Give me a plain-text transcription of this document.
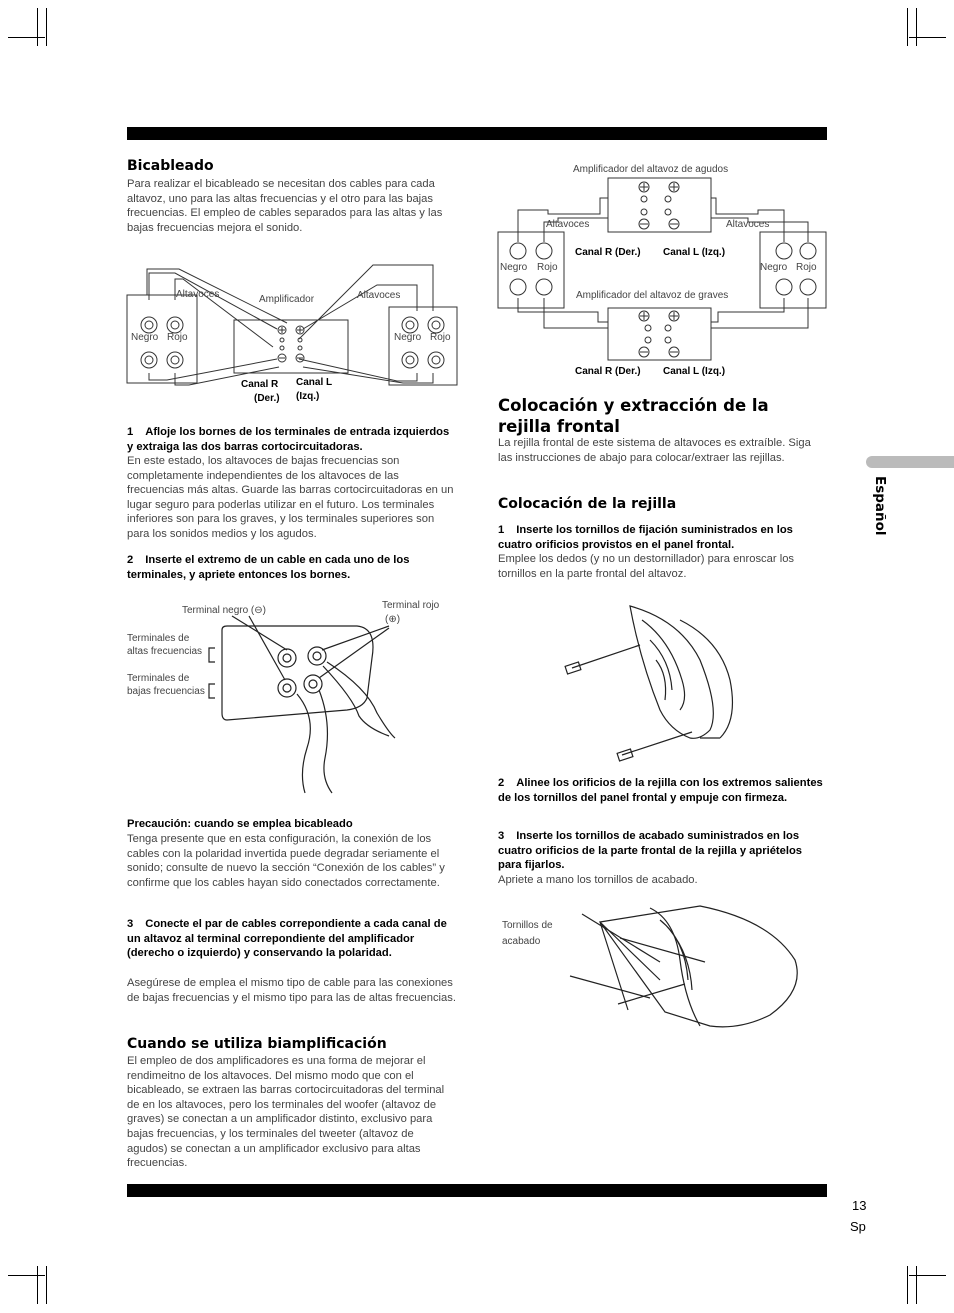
Bicableado
Para realizar el bicableado se necesitan dos cables para cada altavoz, uno para las altas frecuencias y el otro para las bajas frecuencias. El empleo de cables separados para las altas y las bajas frecuencias mejora el sonido.
Altavoces	Amplificador	Altavoces
Negro Rojo	Negro Rojo
Canal R
(Der.)
Canal L
(Izq.)
1 Afloje los bornes de los terminales de entrada izquierdos y extraiga las dos barras cortocircuitadoras.
En este estado, los altavoces de bajas frecuencias son completamente independientes de los altavoces de las frecuencias más altas. Guarde las barras cortocircuitadoras en un lugar seguro para poderlas utilizar en el futuro. Los terminales inferiores son para los graves, y los terminales superiores son para los sonidos medios y los agudos.
2 Inserte el extremo de un cable en cada uno de los terminales, y apriete entonces los bornes.
Terminal negro (⊖)	Terminal rojo
(⊕)
Terminales de
altas frecuencias
Terminales de
bajas frecuencias
Precaución: cuando se emplea bicableado
Tenga presente que en esta configuración, la conexión de los cables con la polaridad invertida puede degradar seriamente el sonido; consulte de nuevo la sección “Conexión de los cables” y confirme que los cables hayan sido conectados correctamente.
3 Conecte el par de cables correpondiente a cada canal de un altavoz al terminal correpondiente del amplificador (derecho o izquierdo) y conservando la polaridad.
Asegúrese de emplea el mismo tipo de cable para las conexiones de bajas frecuencias y el mismo tipo para las de altas frecuencias.
Cuando se utiliza biamplificación
El empleo de dos amplificadores es una forma de mejorar el rendimeitno de los altavoces. Del mismo modo que con el bicableado, se extraen las barras cortocircuitadoras del terminal de en los altavoces, pero los terminales del woofer (altavoz de graves) se conectan a un amplificador distinto, exclusivo para bajas frecuencias, y los terminales del tweeter (altavoz de agudos) se conectan a un amplificador exclusivo para altas frecuencias.
Amplificador del altavoz de agudos
Altavoces	Altavoces
Negro Rojo	Negro Rojo
Canal R (Der.) Canal L (Izq.)
Amplificador del altavoz de graves
Canal R (Der.) Canal L (Izq.)
Colocación y extracción de la rejilla frontal
La rejilla frontal de este sistema de altavoces es extraíble. Siga las instrucciones de abajo para colocar/extraer las rejillas.
Colocación de la rejilla
1 Inserte los tornillos de fijación suministrados en los cuatro orificios provistos en el panel frontal.
Emplee los dedos (y no un destornillador) para enroscar los tornillos en la parte frontal del altavoz.
2 Alinee los orificios de la rejilla con los extremos salientes de los tornillos del panel frontal y empuje con firmeza.
3 Inserte los tornillos de acabado suministrados en los cuatro orificios de la parte frontal de la rejilla y apriételos para fijarlos.
Apriete a mano los tornillos de acabado.
Tornillos de
acabado
Español
13
Sp
